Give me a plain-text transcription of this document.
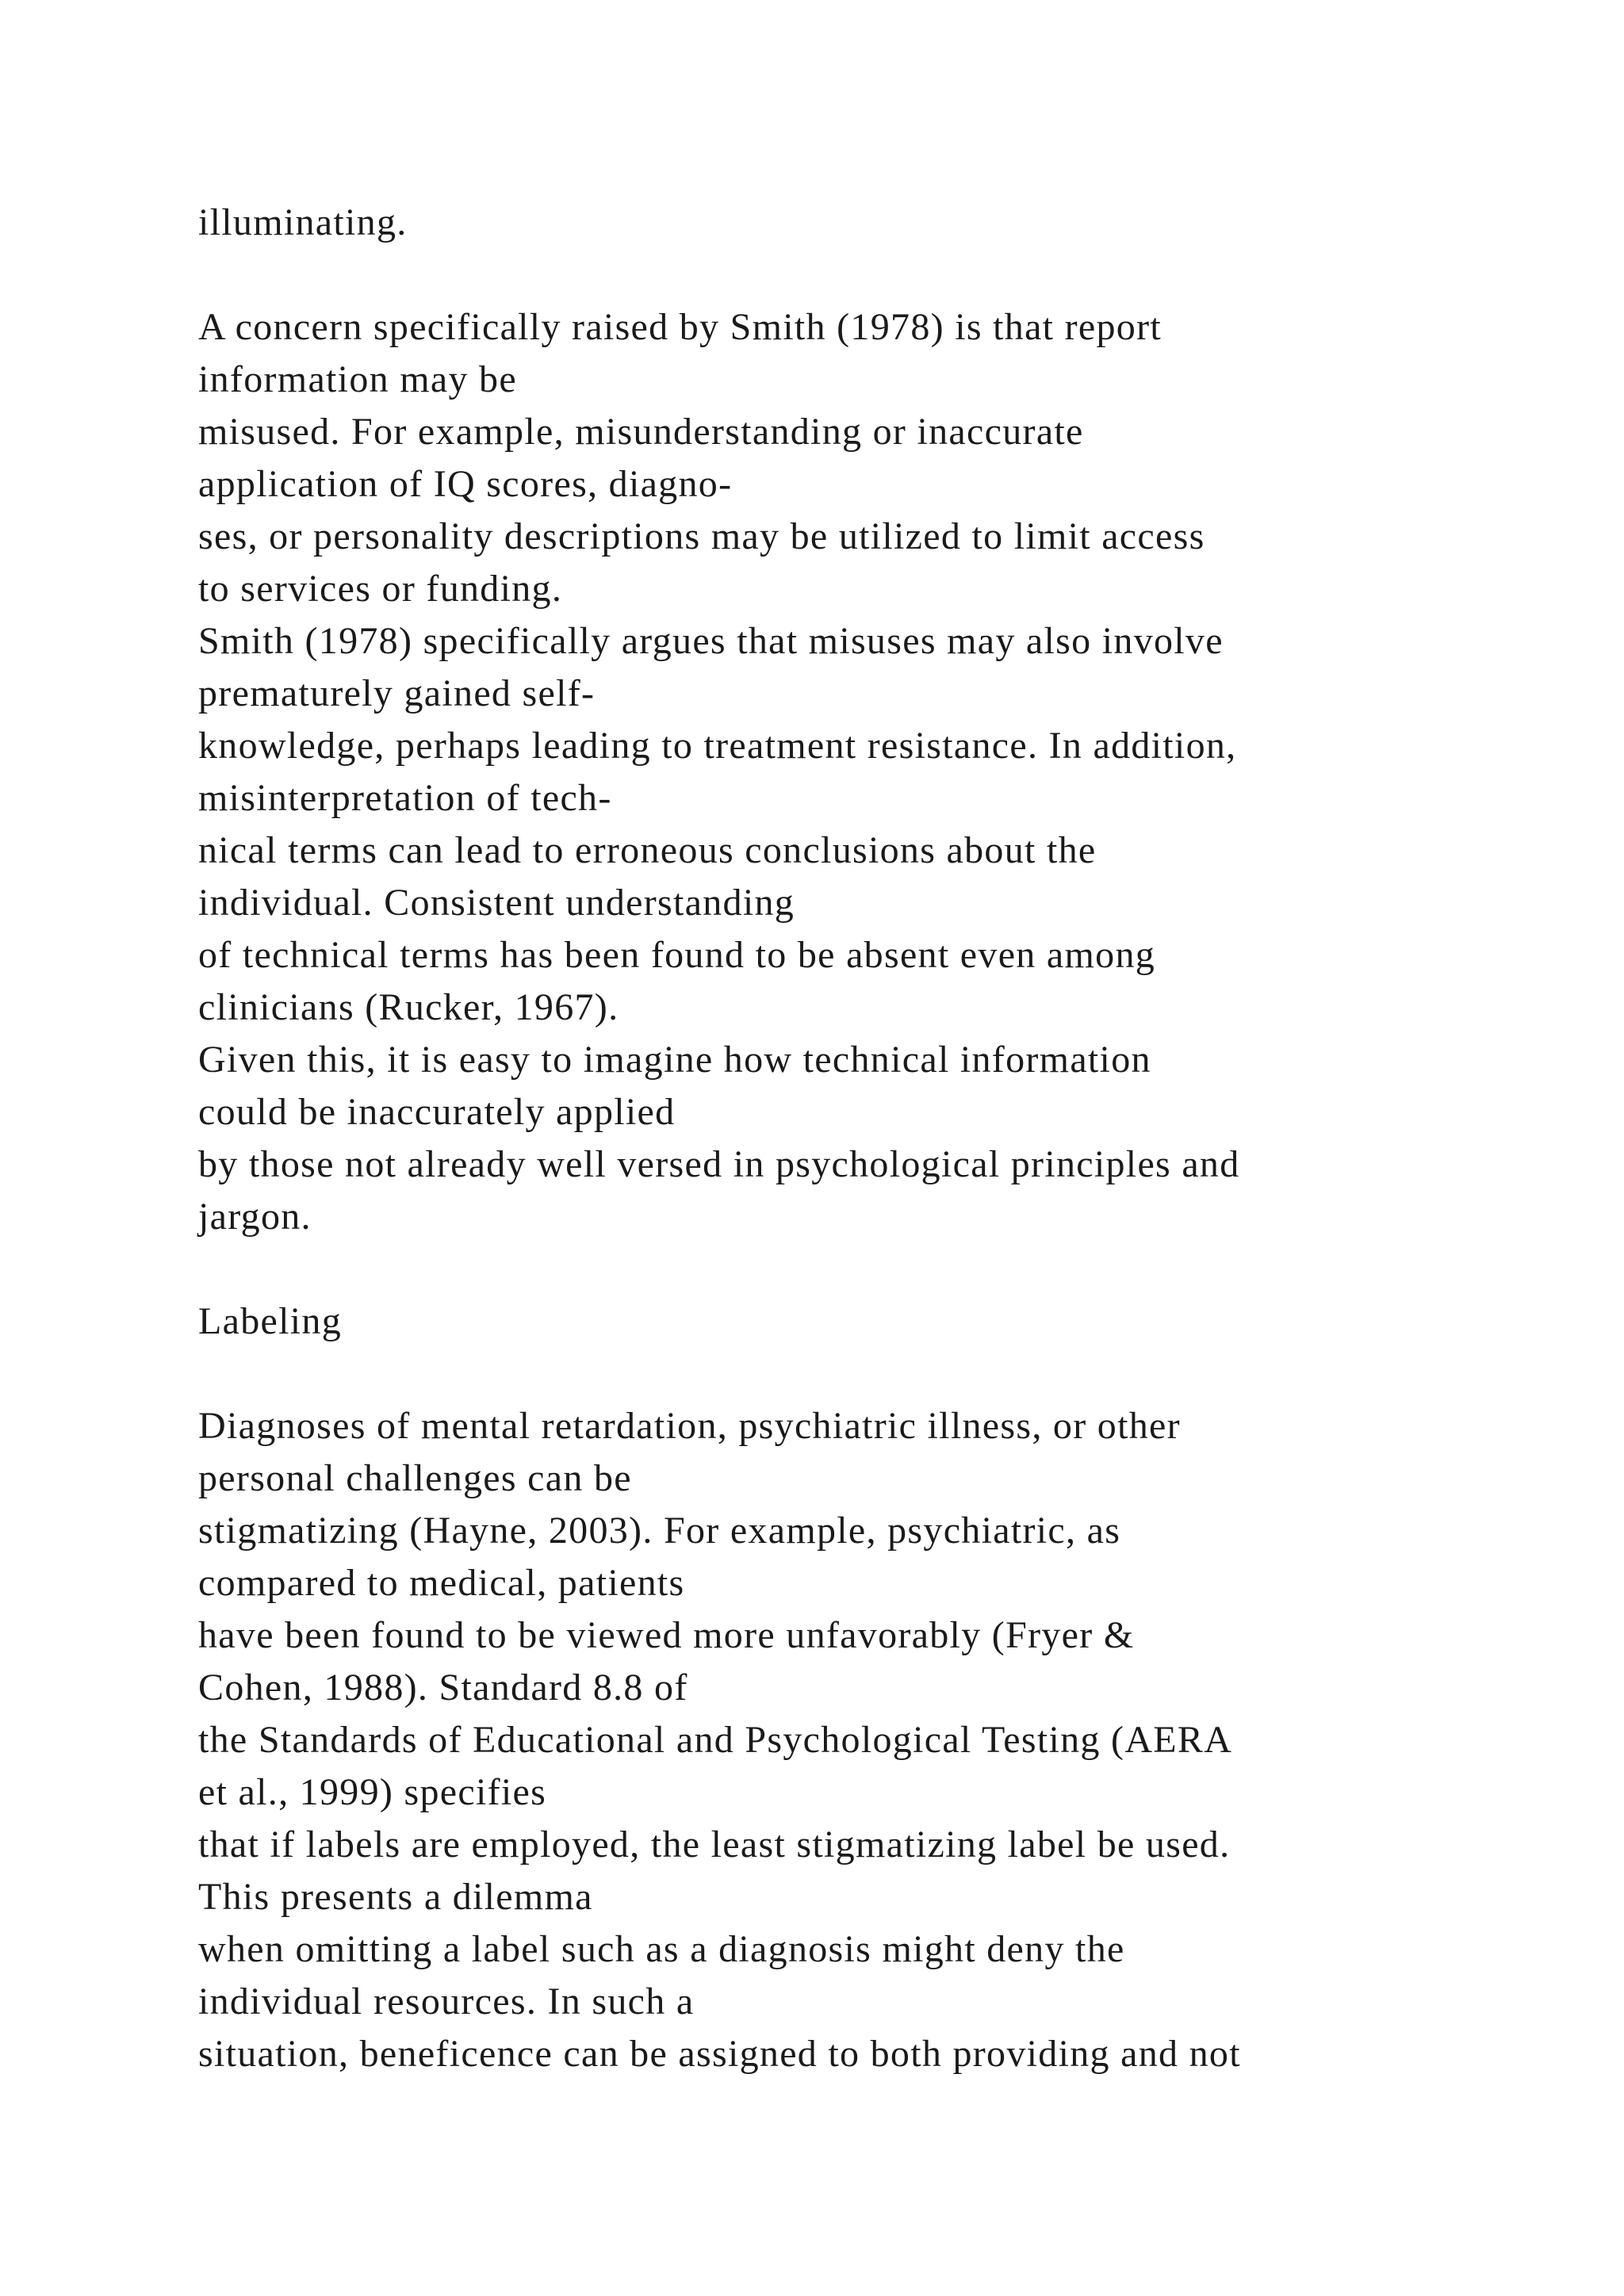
illuminating.
A concern specifically raised by Smith (1978) is that report
information may be
misused. For example, misunderstanding or inaccurate
application of IQ scores, diagno-
ses, or personality descriptions may be utilized to limit access
to services or funding.
Smith (1978) specifically argues that misuses may also involve
prematurely gained self-
knowledge, perhaps leading to treatment resistance. In addition,
misinterpretation of tech-
nical terms can lead to erroneous conclusions about the
individual. Consistent understanding
of technical terms has been found to be absent even among
clinicians (Rucker, 1967).
Given this, it is easy to imagine how technical information
could be inaccurately applied
by those not already well versed in psychological principles and
jargon.
Labeling
Diagnoses of mental retardation, psychiatric illness, or other
personal challenges can be
stigmatizing (Hayne, 2003). For example, psychiatric, as
compared to medical, patients
have been found to be viewed more unfavorably (Fryer &
Cohen, 1988). Standard 8.8 of
the Standards of Educational and Psychological Testing (AERA
et al., 1999) specifies
that if labels are employed, the least stigmatizing label be used.
This presents a dilemma
when omitting a label such as a diagnosis might deny the
individual resources. In such a
situation, beneficence can be assigned to both providing and not
